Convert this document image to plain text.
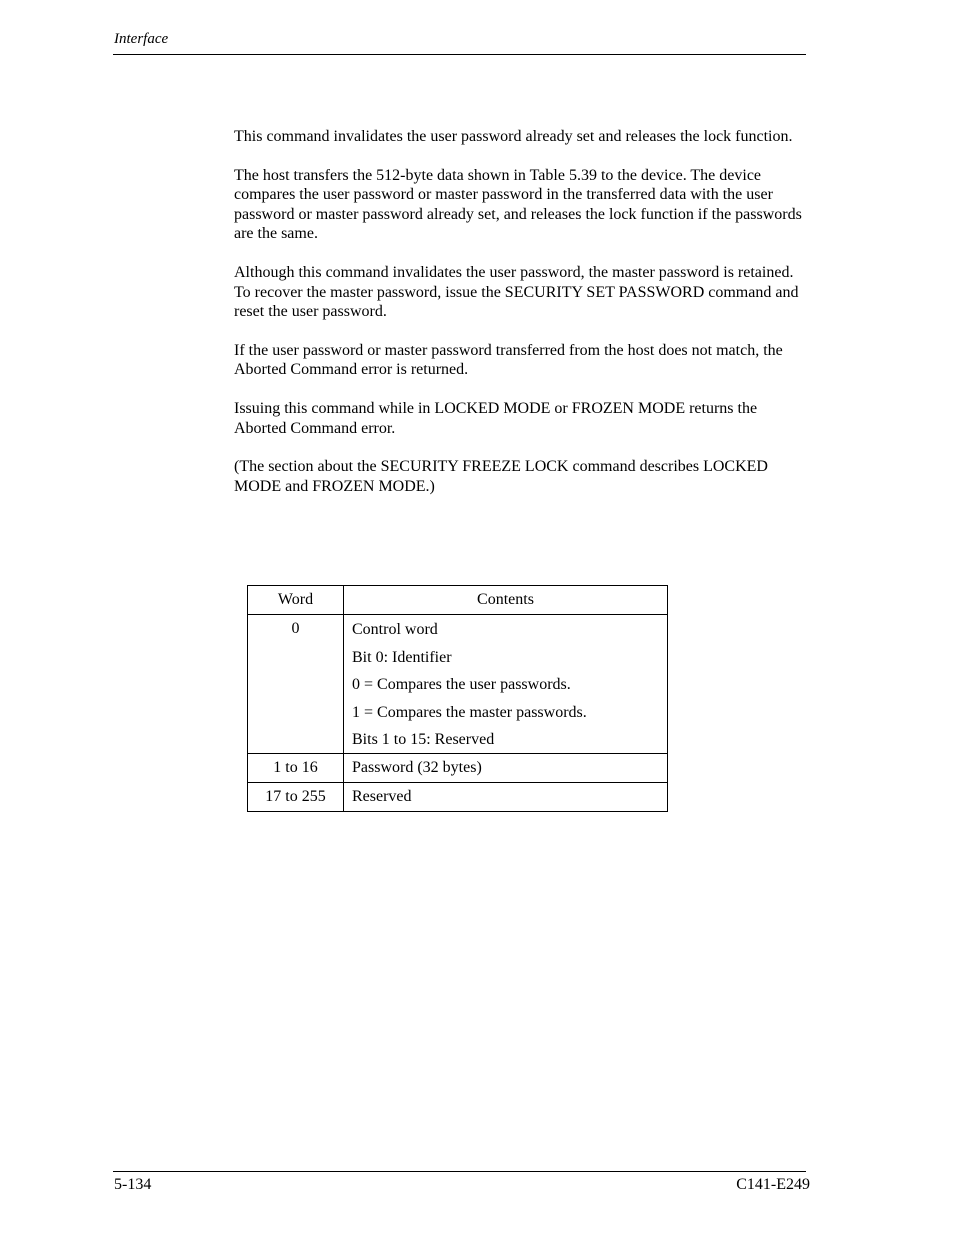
Interface

This command invalidates the user password already set and releases the lock function.

The host transfers the 512-byte data shown in Table 5.39 to the device. The device compares the user password or master password in the transferred data with the user password or master password already set, and releases the lock function if the passwords are the same.

Although this command invalidates the user password, the master password is retained. To recover the master password, issue the SECURITY SET PASSWORD command and reset the user password.

If the user password or master password transferred from the host does not match, the Aborted Command error is returned.

Issuing this command while in LOCKED MODE or FROZEN MODE returns the Aborted Command error.

(The section about the SECURITY FREEZE LOCK command describes LOCKED MODE and FROZEN MODE.)

Word	Contents
0	Control word
Bit 0: Identifier
0 = Compares the user passwords.
1 = Compares the master passwords.
Bits 1 to 15: Reserved

1 to 16	Password (32 bytes)
17 to 255	Reserved
5-134	C141-E249
